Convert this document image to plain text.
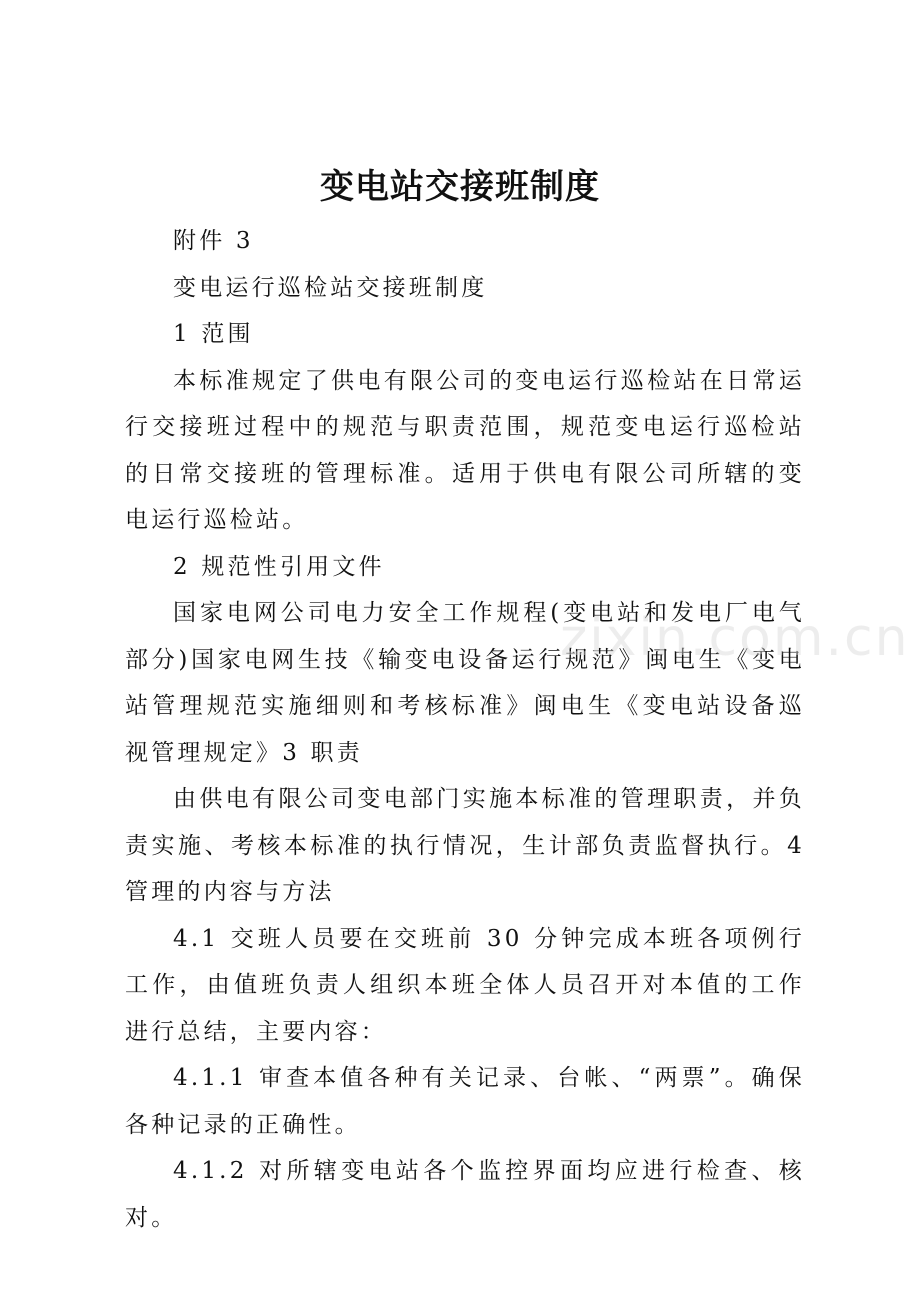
变电站交接班制度

附件 3

变电运行巡检站交接班制度

1 范围

本标准规定了供电有限公司的变电运行巡检站在日常运行交接班过程中的规范与职责范围，规范变电运行巡检站的日常交接班的管理标准。适用于供电有限公司所辖的变电运行巡检站。

2 规范性引用文件

国家电网公司电力安全工作规程(变电站和发电厂电气部分)国家电网生技《输变电设备运行规范》闽电生《变电站管理规范实施细则和考核标准》闽电生《变电站设备巡视管理规定》3 职责

由供电有限公司变电部门实施本标准的管理职责，并负责实施、考核本标准的执行情况，生计部负责监督执行。4 管理的内容与方法

4.1 交班人员要在交班前 30 分钟完成本班各项例行工作，由值班负责人组织本班全体人员召开对本值的工作进行总结，主要内容：

4.1.1 审查本值各种有关记录、台帐、“两票”。确保各种记录的正确性。

4.1.2 对所辖变电站各个监控界面均应进行检查、核对。

zixin.com.cn
